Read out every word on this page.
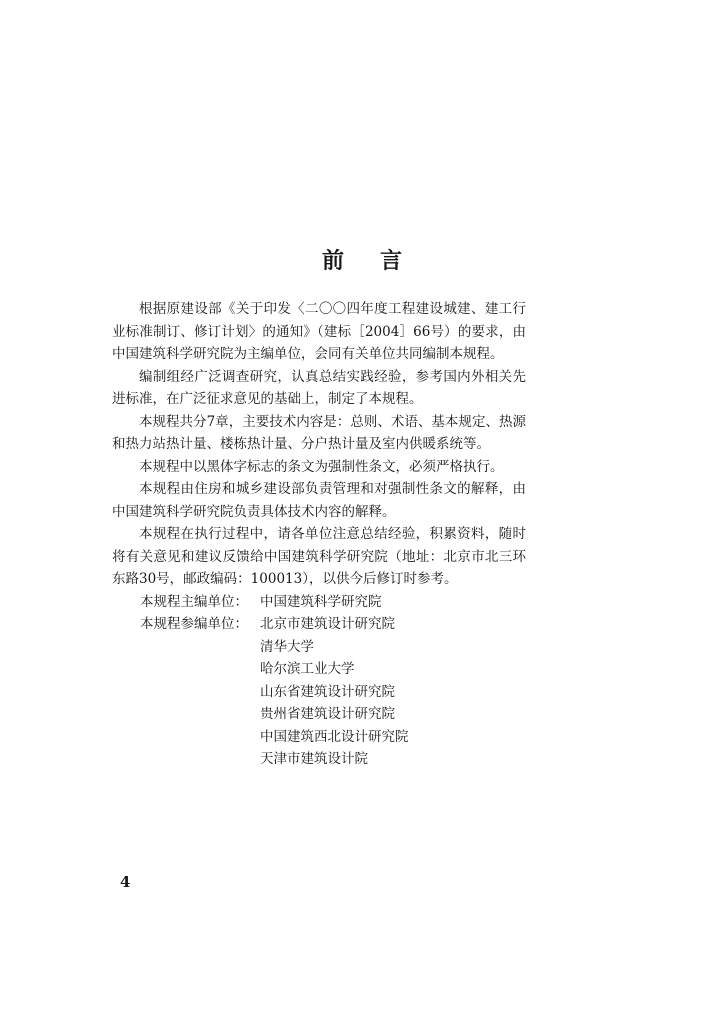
前 言

根据原建设部《关于印发〈二〇〇四年度工程建设城建、建工行业标准制订、修订计划〉的通知》（建标［2004］66号）的要求，由中国建筑科学研究院为主编单位，会同有关单位共同编制本规程。

编制组经广泛调查研究，认真总结实践经验，参考国内外相关先进标准，在广泛征求意见的基础上，制定了本规程。

本规程共分7章，主要技术内容是：总则、术语、基本规定、热源和热力站热计量、楼栋热计量、分户热计量及室内供暖系统等。

本规程中以黑体字标志的条文为强制性条文，必须严格执行。

本规程由住房和城乡建设部负责管理和对强制性条文的解释，由中国建筑科学研究院负责具体技术内容的解释。

本规程在执行过程中，请各单位注意总结经验，积累资料，随时将有关意见和建议反馈给中国建筑科学研究院（地址：北京市北三环东路30号，邮政编码：100013），以供今后修订时参考。

本规程主编单位： 中国建筑科学研究院
本规程参编单位： 北京市建筑设计研究院
清华大学
哈尔滨工业大学
山东省建筑设计研究院
贵州省建筑设计研究院
中国建筑西北设计研究院
天津市建筑设计院
4
